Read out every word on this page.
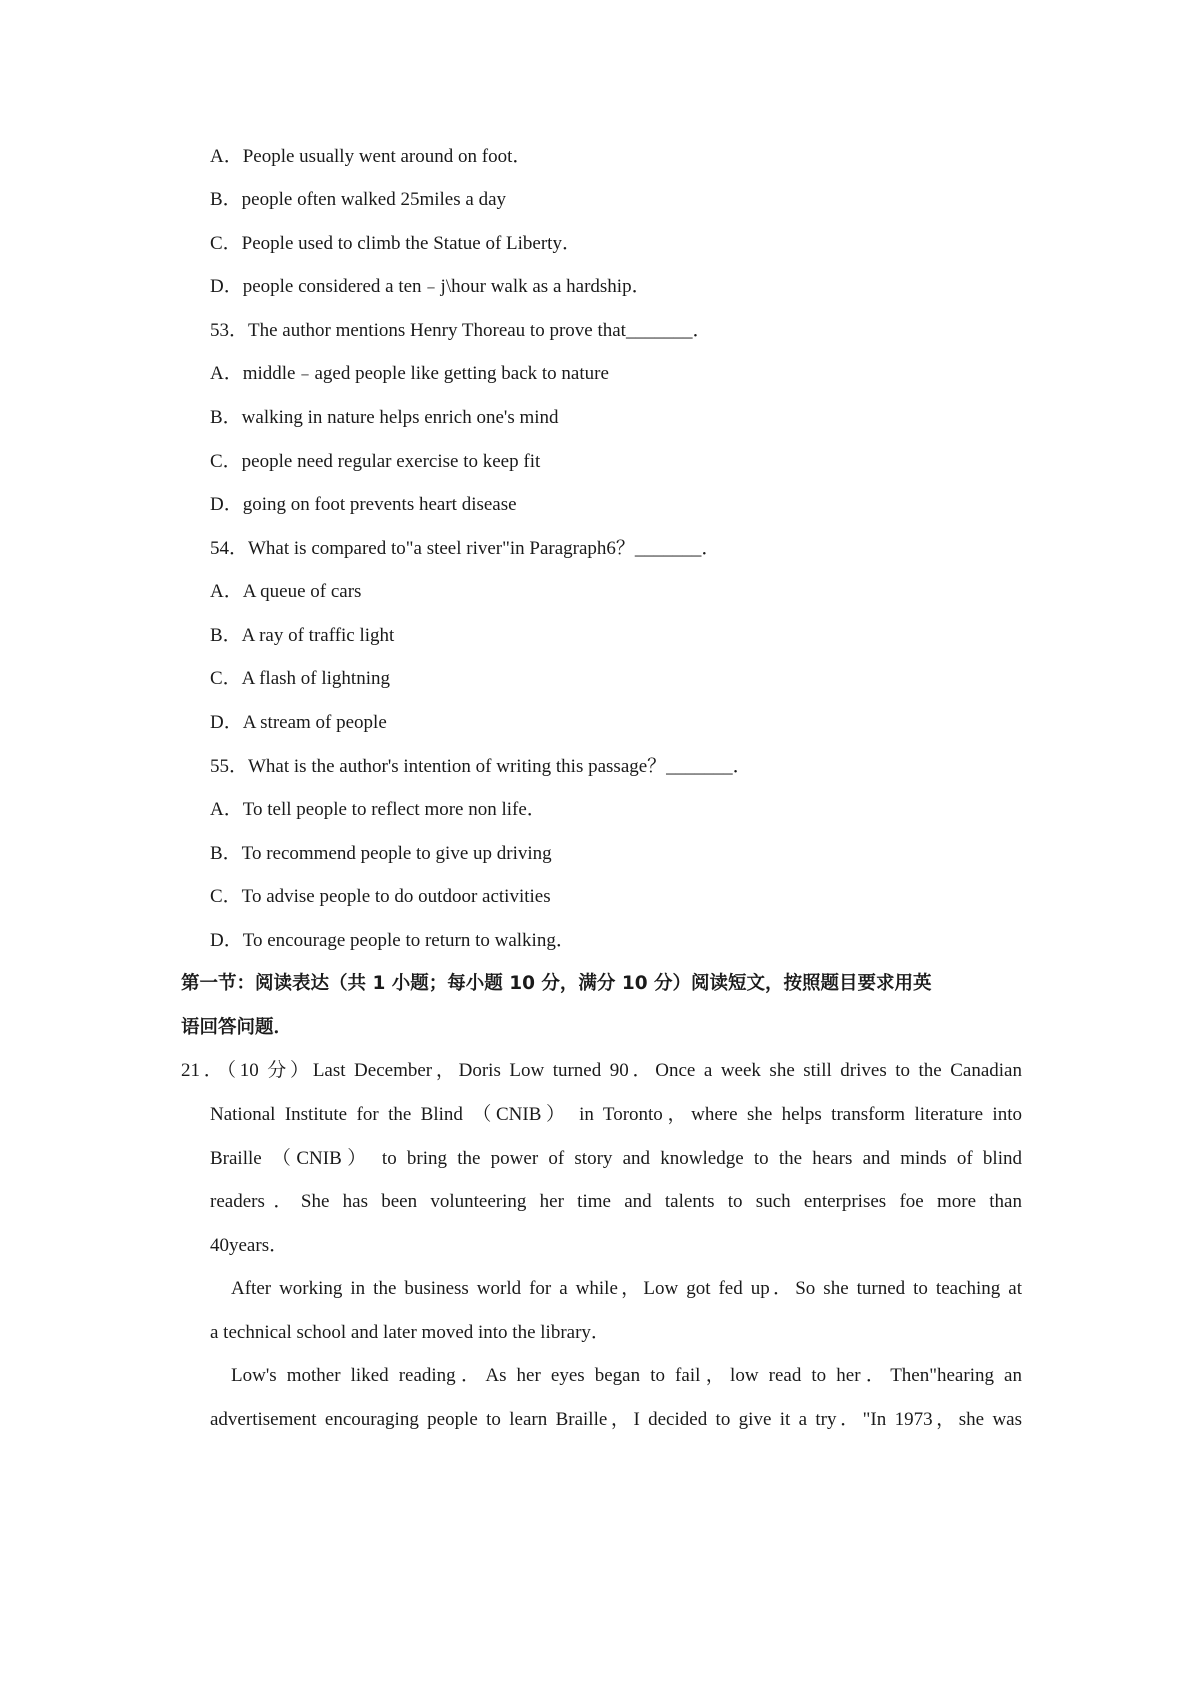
A．People usually went around on foot．
B．people often walked 25miles a day
C．People used to climb the Statue of Liberty．
D．people considered a ten﹣j\hour walk as a hardship．
53．The author mentions Henry Thoreau to prove that_______．
A．middle﹣aged people like getting back to nature
B．walking in nature helps enrich one's mind
C．people need regular exercise to keep fit
D．going on foot prevents heart disease
54．What is compared to"a steel river"in Paragraph6？_______．
A．A queue of cars
B．A ray of traffic light
C．A flash of lightning
D．A stream of people
55．What is the author's intention of writing this passage？_______．
A．To tell people to reflect more non life．
B．To recommend people to give up driving
C．To advise people to do outdoor activities
D．To encourage people to return to walking．
第一节：阅读表达（共 1 小题；每小题 10 分，满分 10 分）阅读短文，按照题目要求用英
语回答问题．
21．（10 分）Last December，Doris Low turned 90．Once a week she still drives to the Canadian
National Institute for the Blind （CNIB） in Toronto，where she helps transform literature into
Braille （CNIB） to bring the power of story and knowledge to the hears and minds of blind
readers．She has been volunteering her time and talents to such enterprises foe more than
40years．
After working in the business world for a while，Low got fed up．So she turned to teaching at
a technical school and later moved into the library．
Low's mother liked reading．As her eyes began to fail，low read to her．Then"hearing an
advertisement encouraging people to learn Braille，I decided to give it a try．"In 1973，she was
